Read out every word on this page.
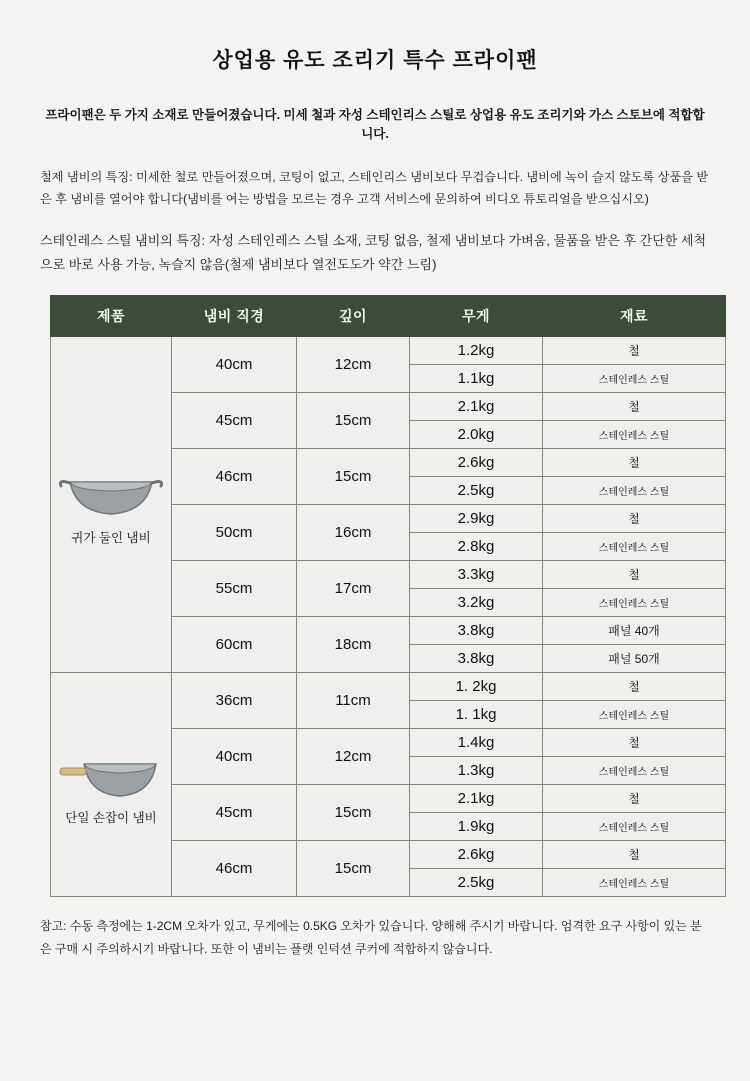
상업용 유도 조리기 특수 프라이팬
프라이팬은 두 가지 소재로 만들어졌습니다. 미세 철과 자성 스테인리스 스틸로 상업용 유도 조리기와 가스 스토브에 적합합니다.

철제 냄비의 특징: 미세한 철로 만들어졌으며, 코팅이 없고, 스테인리스 냄비보다 무겁습니다. 냄비에 녹이 슬지 않도록 상품을 받은 후 냄비를 열어야 합니다(냄비를 여는 방법을 모르는 경우 고객 서비스에 문의하여 비디오 튜토리얼을 받으십시오)

스테인레스 스틸 냄비의 특징: 자성 스테인레스 스틸 소재, 코팅 없음, 철제 냄비보다 가벼움, 물품을 받은 후 간단한 세척으로 바로 사용 가능, 녹슬지 않음(철제 냄비보다 열전도도가 약간 느림)

제품	냄비 직경	깊이	무게	재료

귀가 둘인 냄비	40cm	12cm	1.2kg	철
			1.1kg	스테인레스 스틸
	45cm	15cm	2.1kg	철
			2.0kg	스테인레스 스틸
	46cm	15cm	2.6kg	철
			2.5kg	스테인레스 스틸
	50cm	16cm	2.9kg	철
			2.8kg	스테인레스 스틸
	55cm	17cm	3.3kg	철
			3.2kg	스테인레스 스틸
	60cm	18cm	3.8kg	패널 40개
			3.8kg	패널 50개

단일 손잡이 냄비	36cm	11cm	1. 2kg	철
			1. 1kg	스테인레스 스틸
	40cm	12cm	1.4kg	철
			1.3kg	스테인레스 스틸
	45cm	15cm	2.1kg	철
			1.9kg	스테인레스 스틸
	46cm	15cm	2.6kg	철
			2.5kg	스테인레스 스틸
참고: 수동 측정에는 1-2CM 오차가 있고, 무게에는 0.5KG 오차가 있습니다. 양해해 주시기 바랍니다. 엄격한 요구 사항이 있는 분은 구매 시 주의하시기 바랍니다. 또한 이 냄비는 플랫 인덕션 쿠커에 적합하지 않습니다.
